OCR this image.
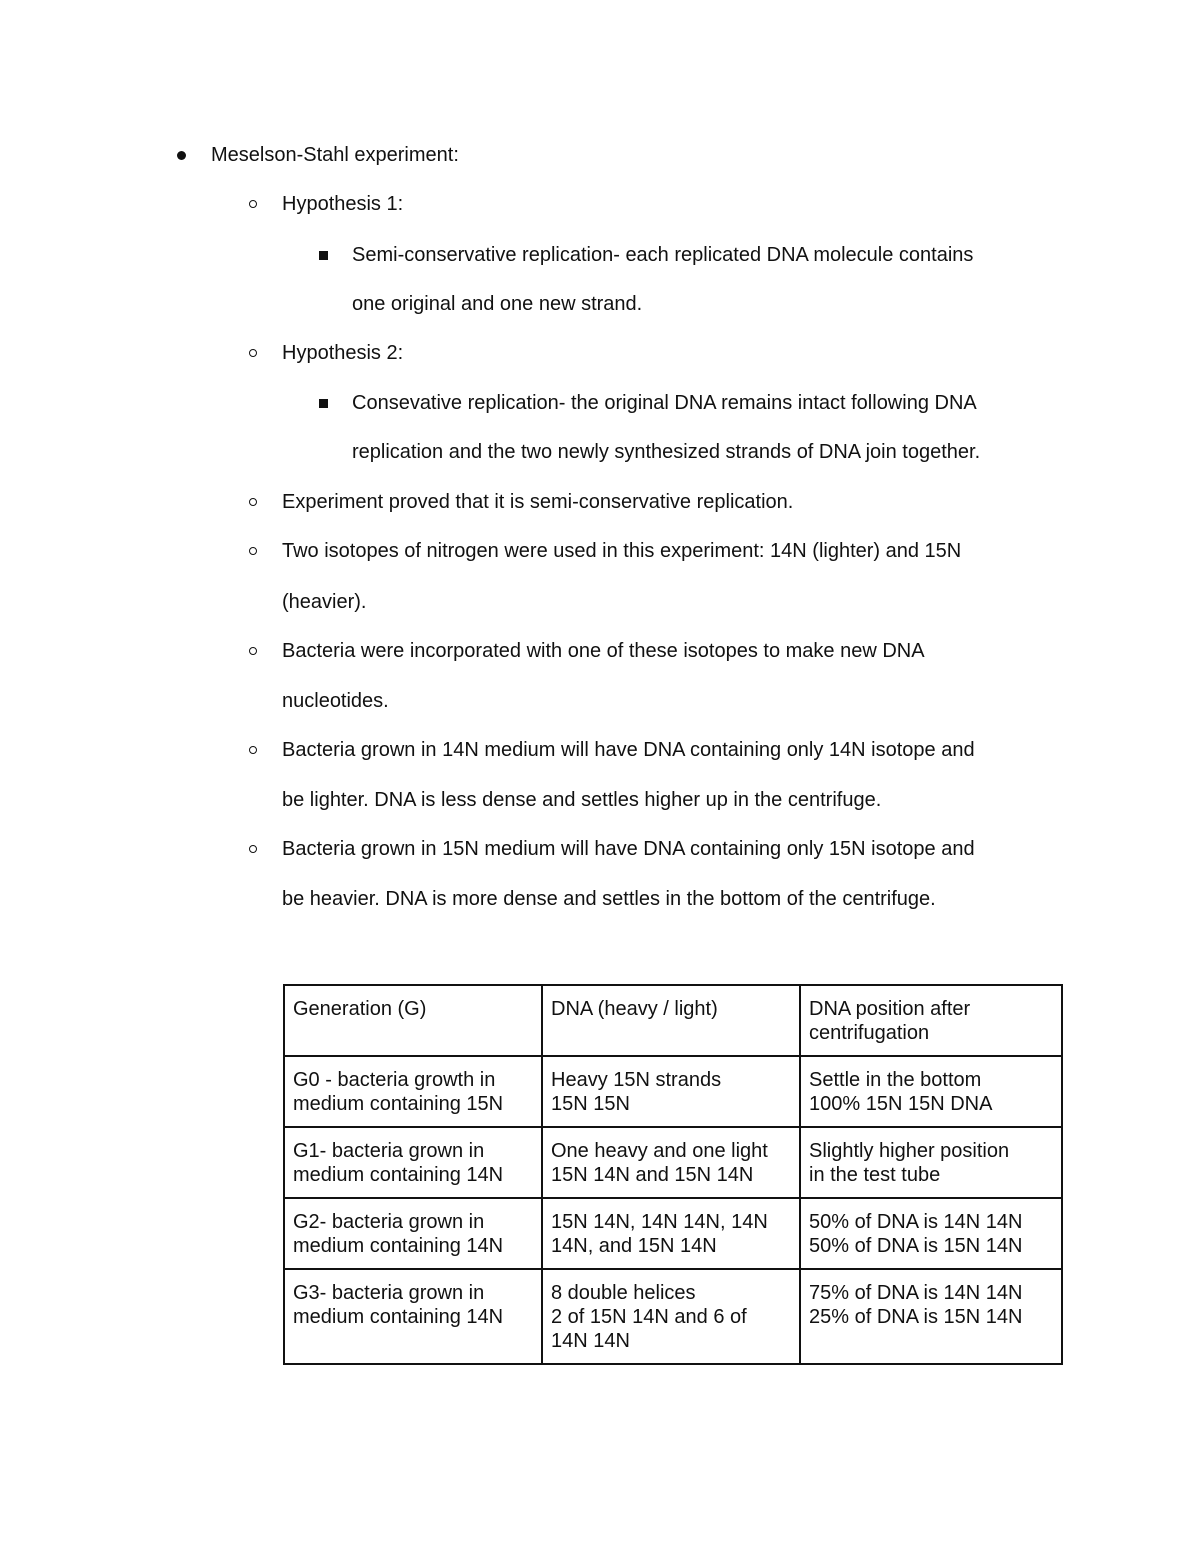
Meselson-Stahl experiment:
Hypothesis 1:
Semi-conservative replication- each replicated DNA molecule contains
one original and one new strand.
Hypothesis 2:
Consevative replication- the original DNA remains intact following DNA
replication and the two newly synthesized strands of DNA join together.
Experiment proved that it is semi-conservative replication.
Two isotopes of nitrogen were used in this experiment: 14N (lighter) and 15N
(heavier).
Bacteria were incorporated with one of these isotopes to make new DNA
nucleotides.
Bacteria grown in 14N medium will have DNA containing only 14N isotope and
be lighter. DNA is less dense and settles higher up in the centrifuge.
Bacteria grown in 15N medium will have DNA containing only 15N isotope and
be heavier. DNA is more dense and settles in the bottom of the centrifuge.
Generation (G)	DNA (heavy / light)	DNA position after
centrifugation
G0 - bacteria growth in
medium containing 15N	Heavy 15N strands
15N 15N	Settle in the bottom
100% 15N 15N DNA
G1- bacteria grown in
medium containing 14N	One heavy and one light
15N 14N and 15N 14N	Slightly higher position
in the test tube
G2- bacteria grown in
medium containing 14N	15N 14N, 14N 14N, 14N
14N, and 15N 14N	50% of DNA is 14N 14N
50% of DNA is 15N 14N
G3- bacteria grown in
medium containing 14N	8 double helices
2 of 15N 14N and 6 of
14N 14N	75% of DNA is 14N 14N
25% of DNA is 15N 14N
